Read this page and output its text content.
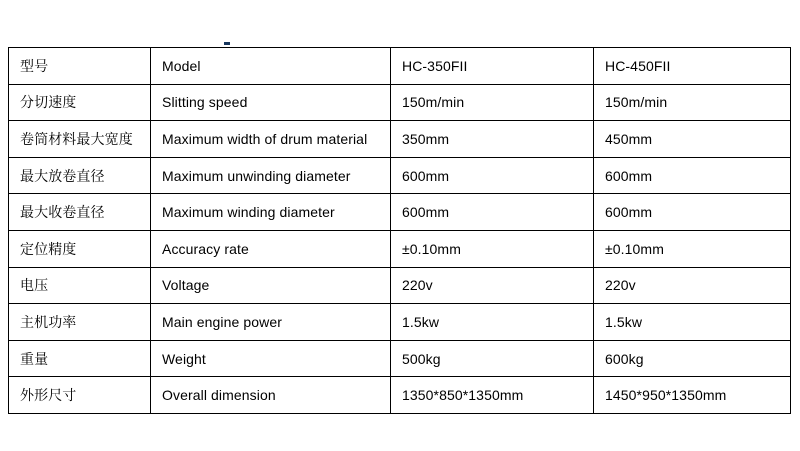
型号	Model	HC-350FII	HC-450FII
分切速度	Slitting speed	150m/min	150m/min
卷筒材料最大宽度	Maximum width of drum material	350mm	450mm
最大放卷直径	Maximum unwinding diameter	600mm	600mm
最大收卷直径	Maximum winding diameter	600mm	600mm
定位精度	Accuracy rate	±0.10mm	±0.10mm
电压	Voltage	220v	220v
主机功率	Main engine power	1.5kw	1.5kw
重量	Weight	500kg	600kg
外形尺寸	Overall dimension	1350*850*1350mm	1450*950*1350mm
